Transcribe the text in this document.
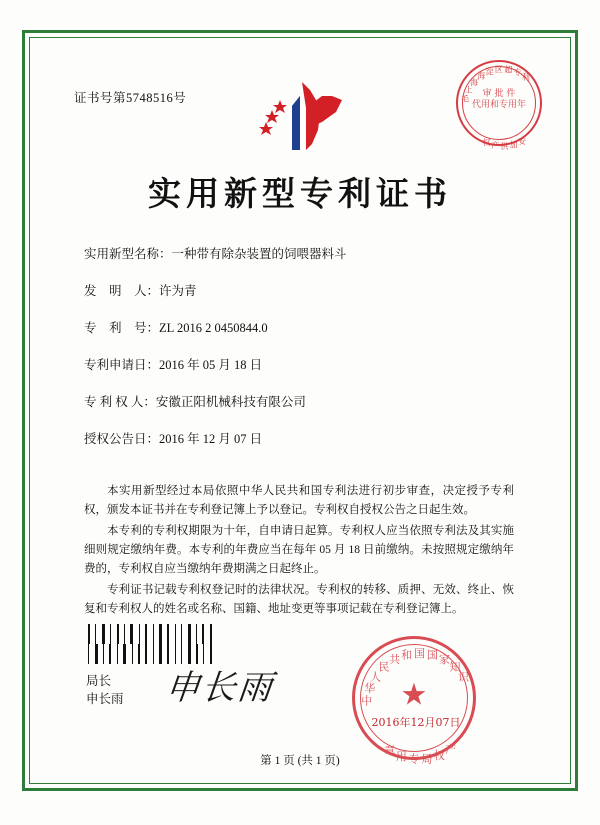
证书号第5748516号	毛
上
海
海 淀 区 超 专
利
审 批 件
代用和专用年
安
加
供
产
权
实用新型专利证书
实用新型名称：一种带有除杂装置的饲喂器料斗
发　明　人：许为青
专　利　号：ZL 2016 2 0450844.0
专利申请日：2016 年 05 月 18 日
专 利 权 人：安徽正阳机械科技有限公司
授权公告日：2016 年 12 月 07 日

本实用新型经过本局依照中华人民共和国专利法进行初步审查，决定授予专利权，颁发本证书并在专利登记簿上予以登记。专利权自授权公告之日起生效。

本专利的专利权期限为十年，自申请日起算。专利权人应当依照专利法及其实施细则规定缴纳年费。本专利的年费应当在每年 05 月 18 日前缴纳。未按照规定缴纳年费的，专利权自应当缴纳年费期满之日起终止。

专利证书记载专利权登记时的法律状况。专利权的转移、质押、无效、终止、恢复和专利权人的姓名或名称、国籍、地址变更等事项记载在专利登记簿上。

局长
申长雨 申长雨	中
华
人
民
共 和 国 国 家
知
识
产
权
局
专
用
章
★
2016年12月07日
第 1 页 (共 1 页)
